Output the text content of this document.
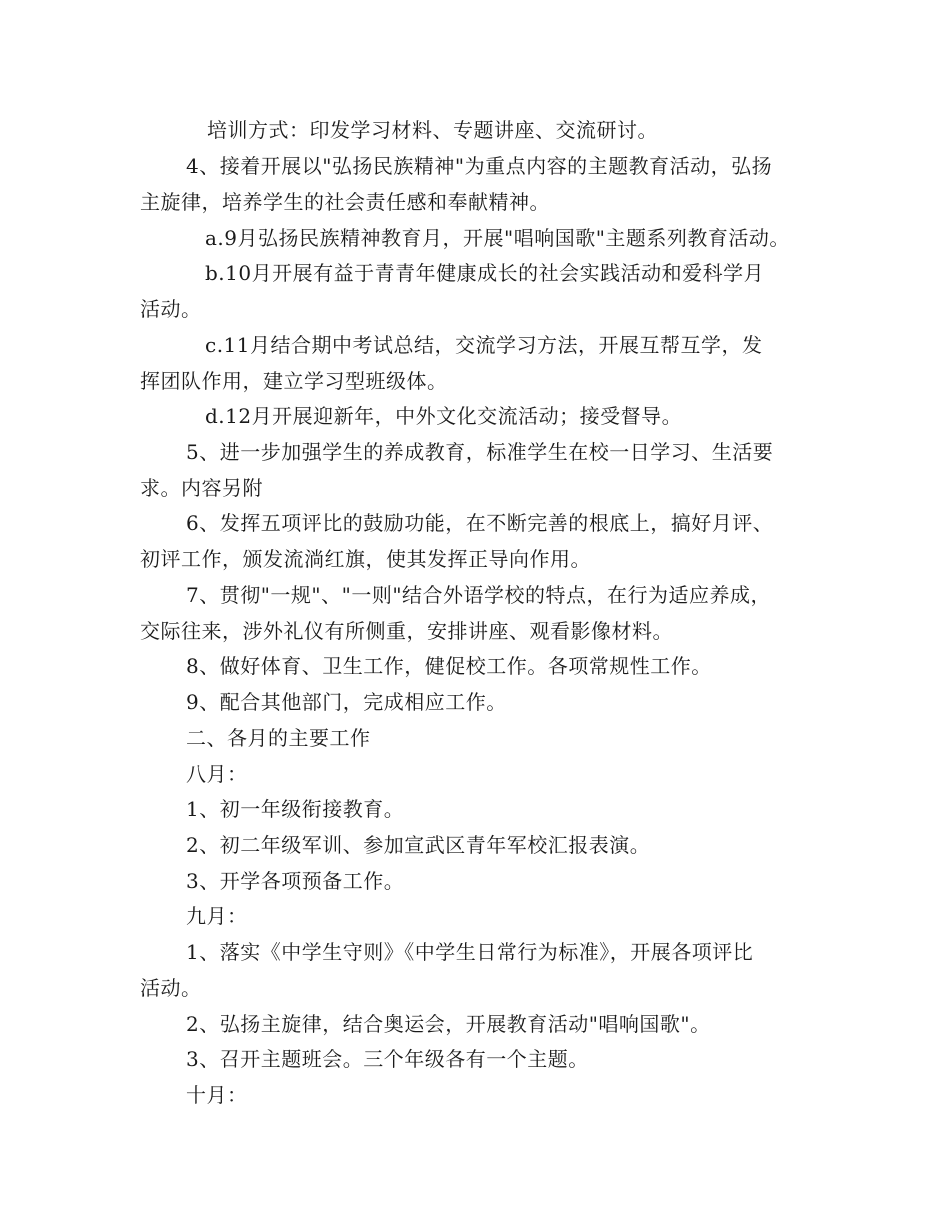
培训方式：印发学习材料、专题讲座、交流研讨。
4、接着开展以"弘扬民族精神"为重点内容的主题教育活动，弘扬
主旋律，培养学生的社会责任感和奉献精神。
a.9月弘扬民族精神教育月，开展"唱响国歌"主题系列教育活动。
b.10月开展有益于青青年健康成长的社会实践活动和爱科学月
活动。
c.11月结合期中考试总结，交流学习方法，开展互帮互学，发
挥团队作用，建立学习型班级体。
d.12月开展迎新年，中外文化交流活动；接受督导。
5、进一步加强学生的养成教育，标准学生在校一日学习、生活要
求。内容另附
6、发挥五项评比的鼓励功能，在不断完善的根底上，搞好月评、
初评工作，颁发流淌红旗，使其发挥正导向作用。
7、贯彻"一规"、"一则"结合外语学校的特点，在行为适应养成，
交际往来，涉外礼仪有所侧重，安排讲座、观看影像材料。
8、做好体育、卫生工作，健促校工作。各项常规性工作。
9、配合其他部门，完成相应工作。
二、各月的主要工作
八月：
1、初一年级衔接教育。
2、初二年级军训、参加宣武区青年军校汇报表演。
3、开学各项预备工作。
九月：
1、落实《中学生守则》《中学生日常行为标准》，开展各项评比
活动。
2、弘扬主旋律，结合奥运会，开展教育活动"唱响国歌"。
3、召开主题班会。三个年级各有一个主题。
十月：
